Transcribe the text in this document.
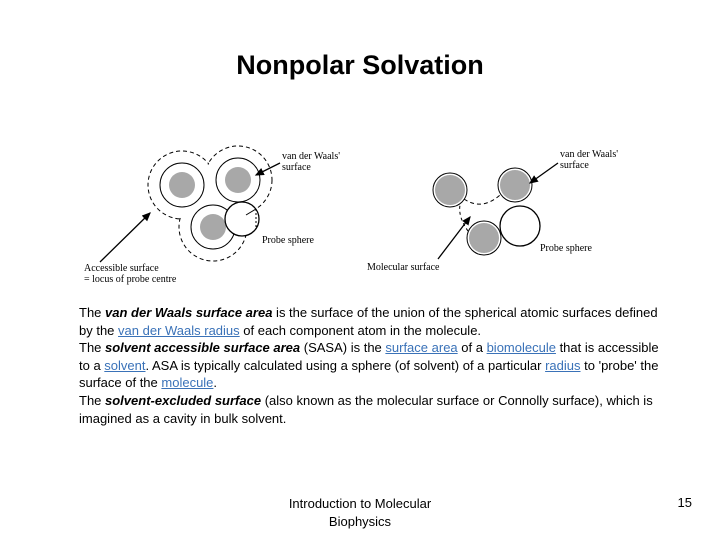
Nonpolar Solvation
van der Waals'
surface
Probe sphere
Accessible surface
= locus of probe centre
van der Waals'
surface
Probe sphere
Molecular surface
The van der Waals surface area is the surface of the union of the spherical atomic surfaces defined by the van der Waals radius of each component atom in the molecule.
The solvent accessible surface area (SASA) is the surface area of a biomolecule that is accessible to a solvent. ASA is typically calculated using a sphere (of solvent) of a particular radius to 'probe' the surface of the molecule.
The solvent-excluded surface (also known as the molecular surface or Connolly surface), which is imagined as a cavity in bulk solvent.
Introduction to Molecular
Biophysics
15
